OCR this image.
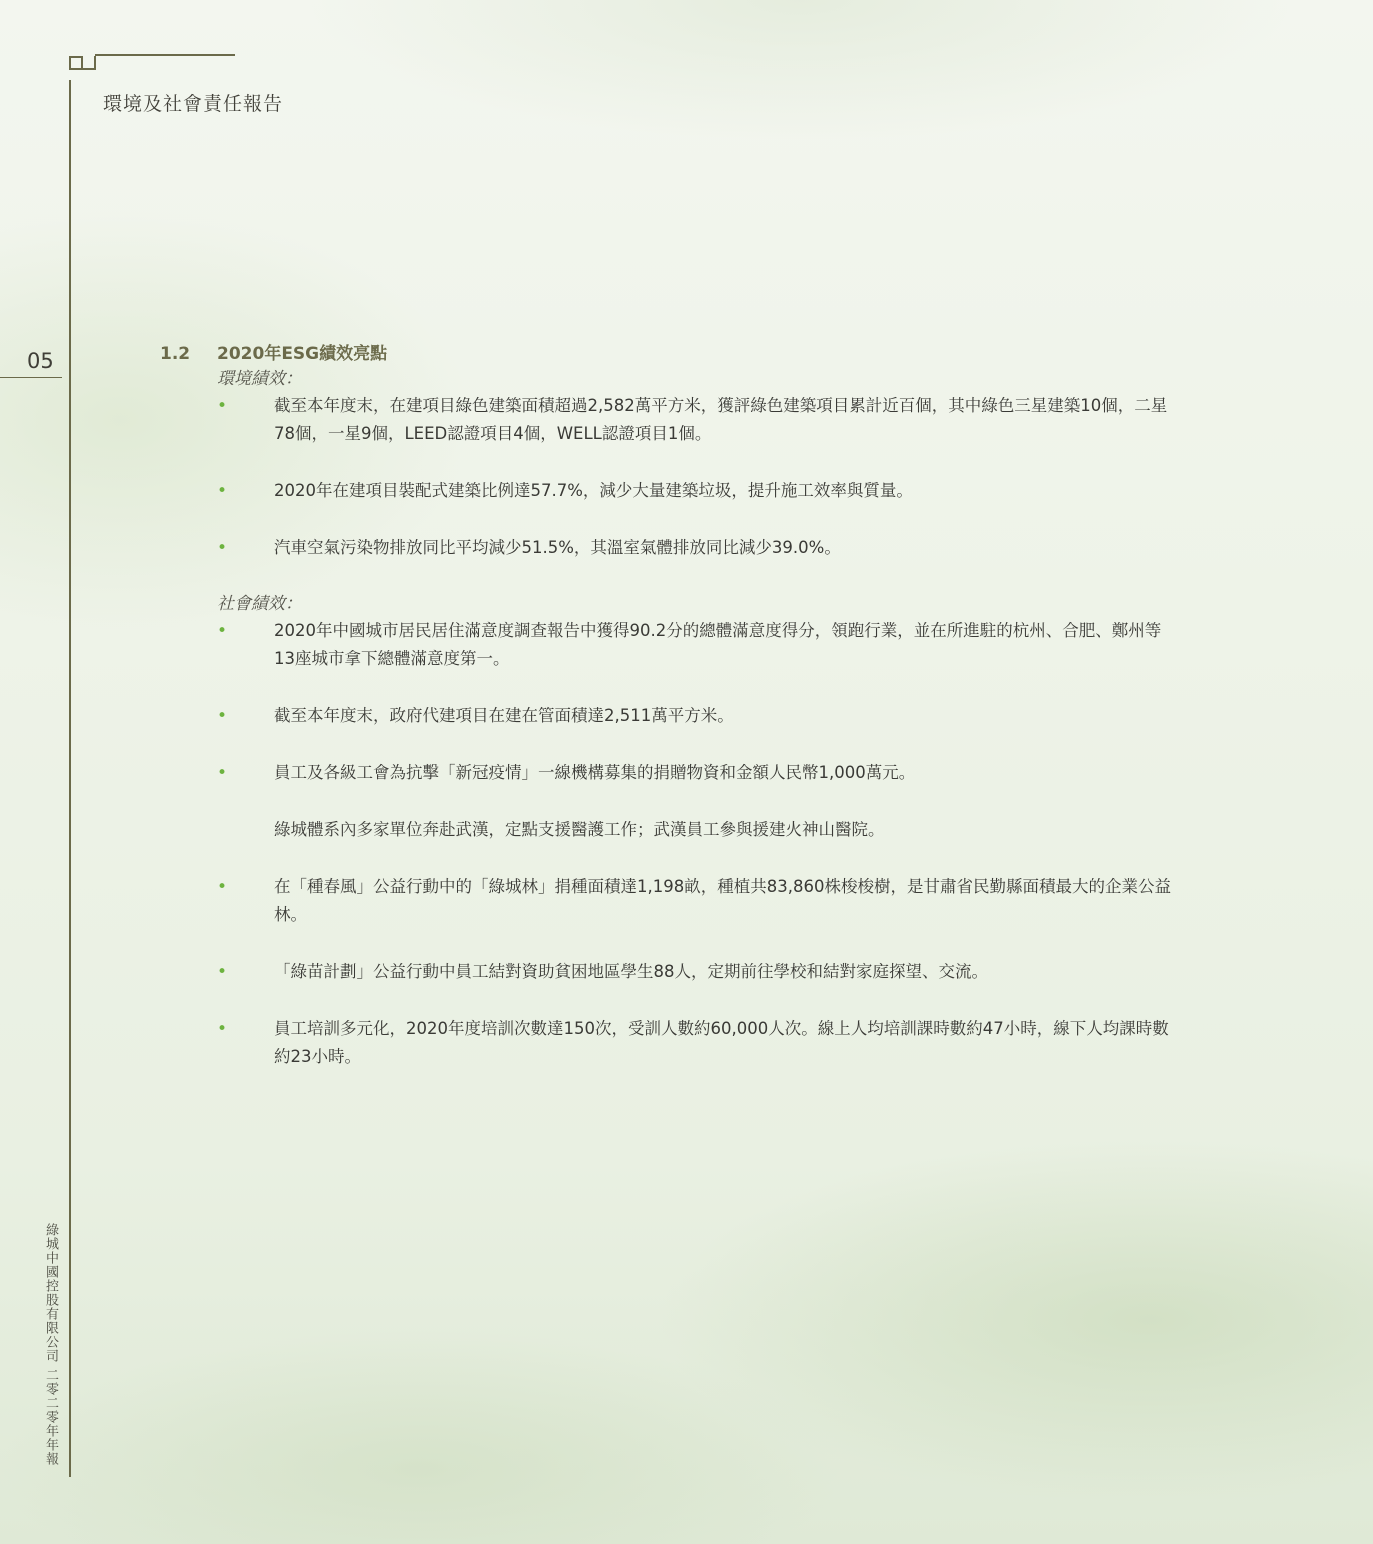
環境及社會責任報告
05
綠城中國控股有限公司 二零二零年年報
1.2	2020年ESG績效亮點
環境績效：
•	截至本年度末，在建項目綠色建築面積超過2,582萬平方米，獲評綠色建築項目累計近百個，其中綠色三星建築10個，二星78個，一星9個，LEED認證項目4個，WELL認證項目1個。
•	2020年在建項目裝配式建築比例達57.7%，減少大量建築垃圾，提升施工效率與質量。
•	汽車空氣污染物排放同比平均減少51.5%，其溫室氣體排放同比減少39.0%。
社會績效：
•	2020年中國城市居民居住滿意度調查報告中獲得90.2分的總體滿意度得分，領跑行業，並在所進駐的杭州、合肥、鄭州等13座城市拿下總體滿意度第一。
•	截至本年度末，政府代建項目在建在管面積達2,511萬平方米。
•	員工及各級工會為抗擊「新冠疫情」一線機構募集的捐贈物資和金額人民幣1,000萬元。
綠城體系內多家單位奔赴武漢，定點支援醫護工作；武漢員工參與援建火神山醫院。
•	在「種春風」公益行動中的「綠城林」捐種面積達1,198畝，種植共83,860株梭梭樹，是甘肅省民勤縣面積最大的企業公益林。
•	「綠苗計劃」公益行動中員工結對資助貧困地區學生88人，定期前往學校和結對家庭探望、交流。
•	員工培訓多元化，2020年度培訓次數達150次，受訓人數約60,000人次。線上人均培訓課時數約47小時，線下人均課時數約23小時。
